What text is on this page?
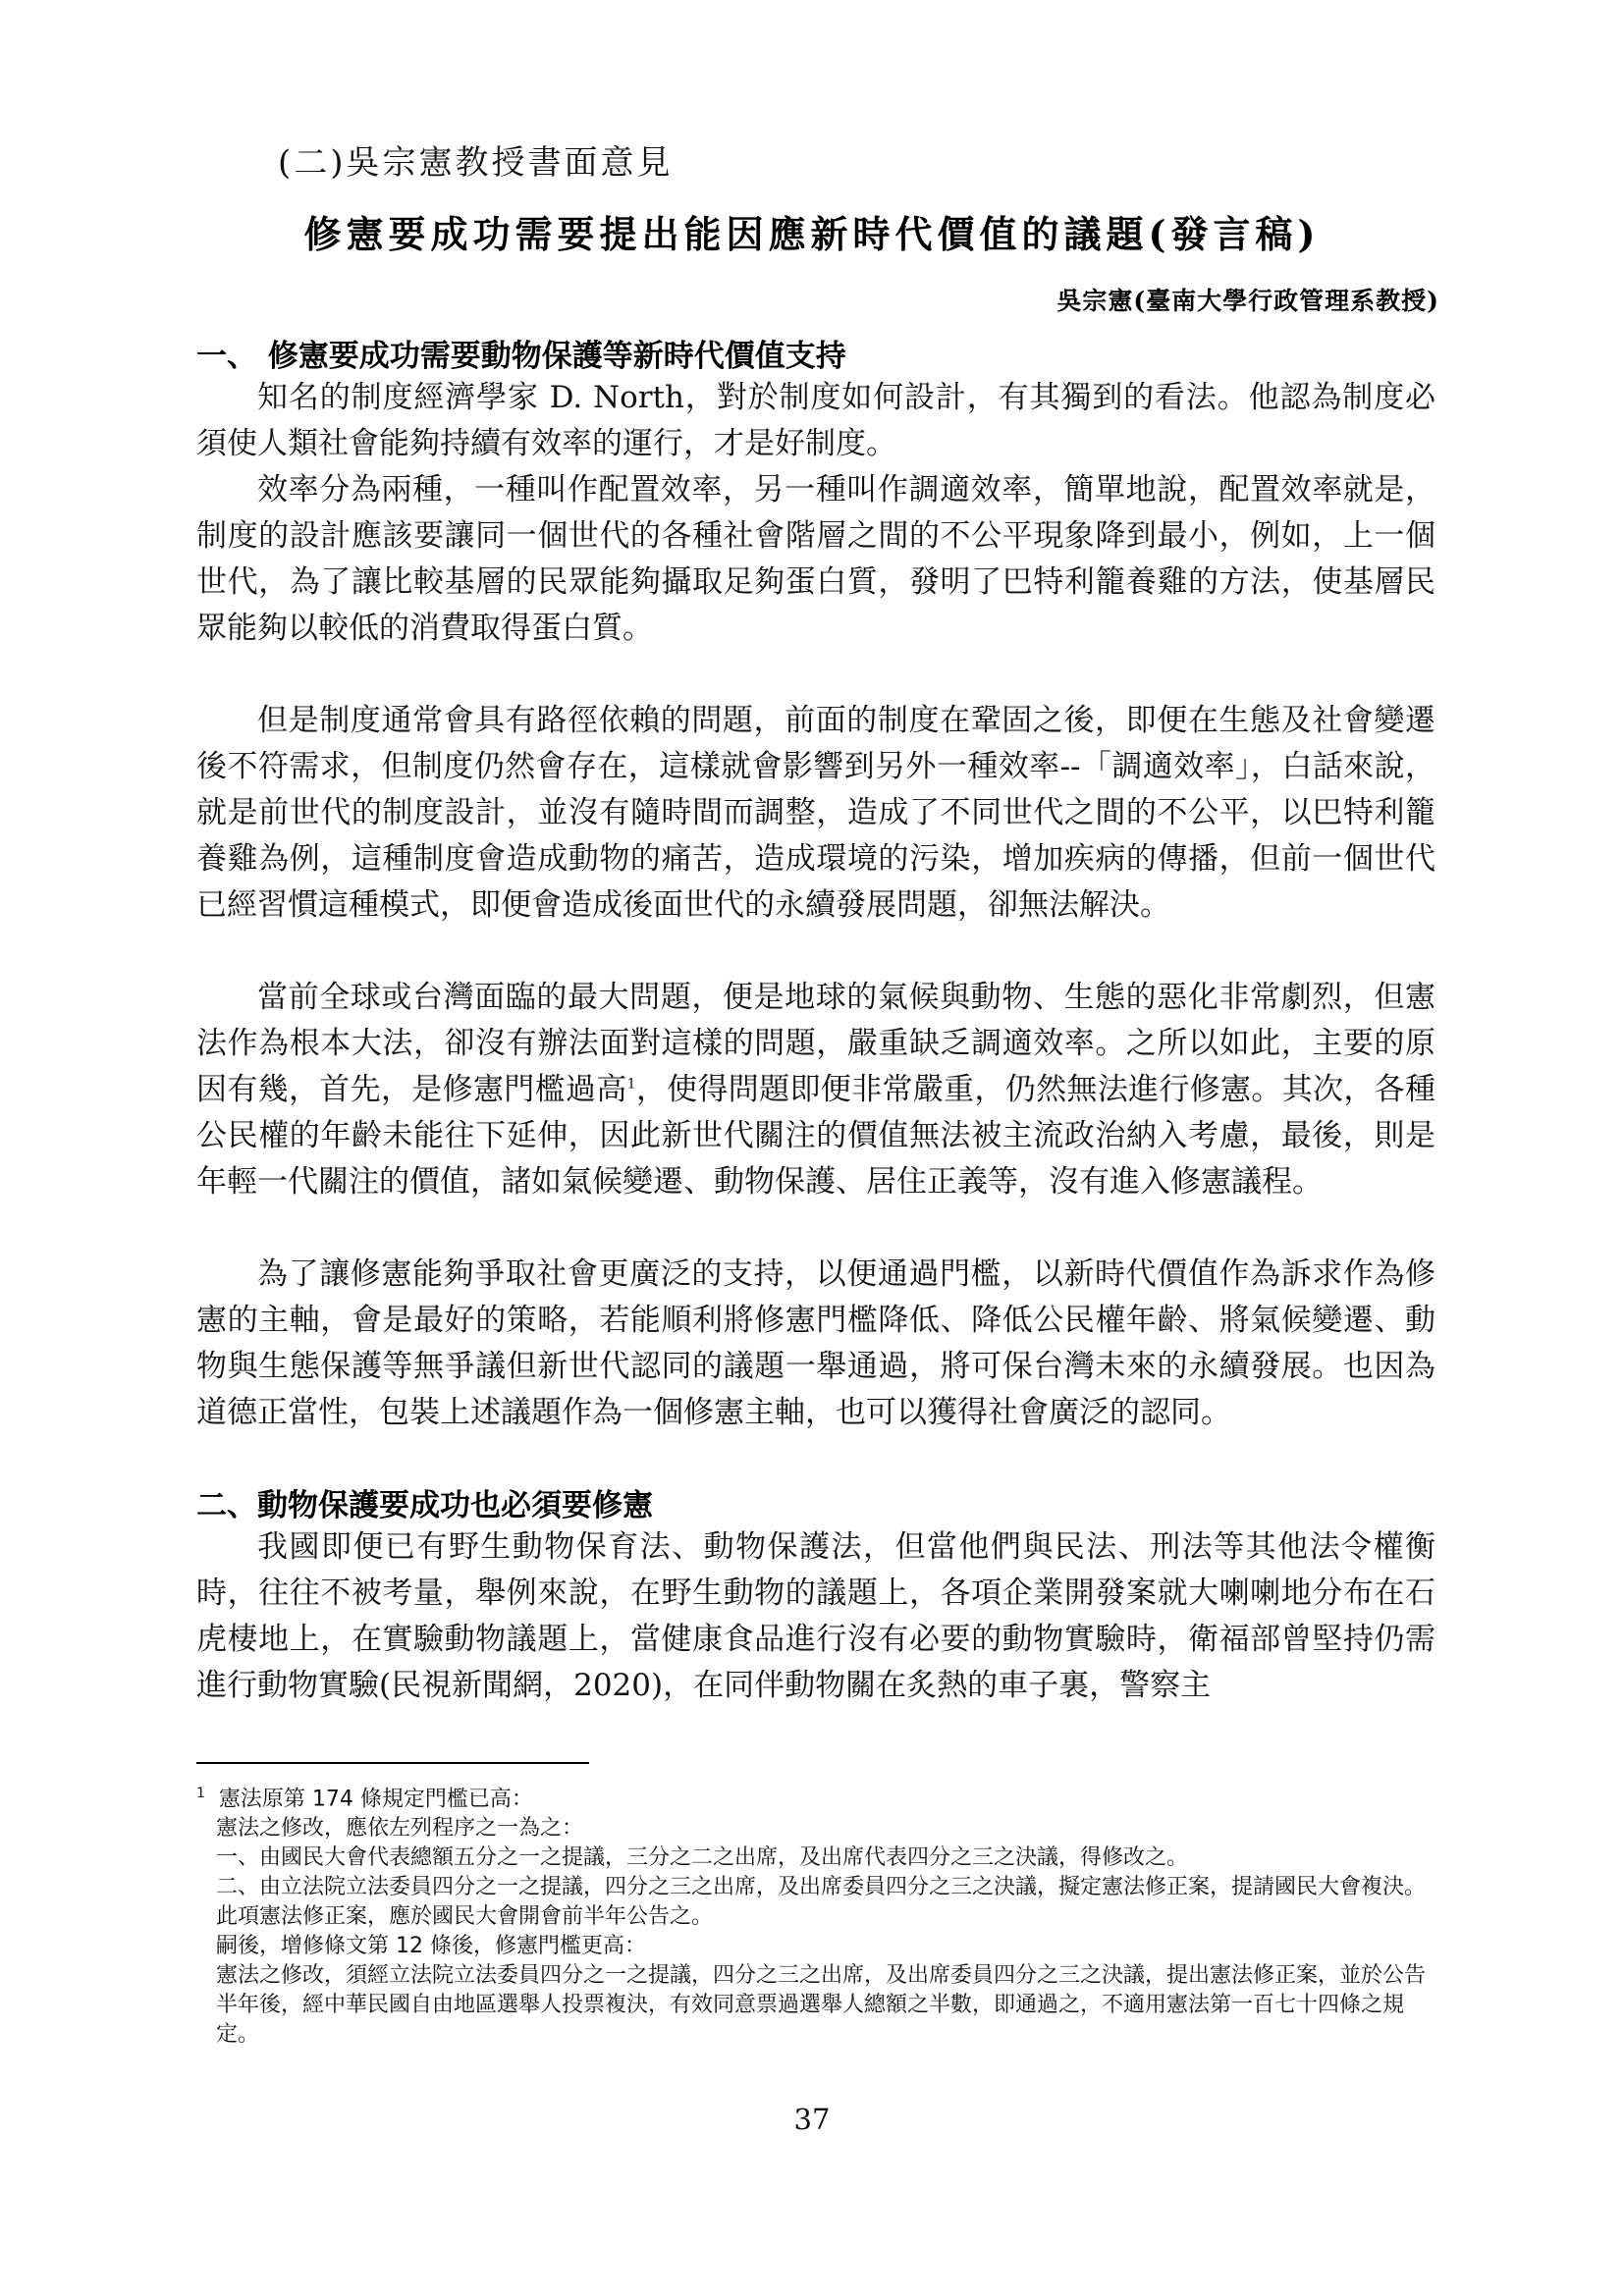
(二)吳宗憲教授書面意見
修憲要成功需要提出能因應新時代價值的議題(發言稿)
吳宗憲(臺南大學行政管理系教授)
一、 修憲要成功需要動物保護等新時代價值支持
知名的制度經濟學家 D. North，對於制度如何設計，有其獨到的看法。他認為制度必須使人類社會能夠持續有效率的運行，才是好制度。
效率分為兩種，一種叫作配置效率，另一種叫作調適效率，簡單地說，配置效率就是，制度的設計應該要讓同一個世代的各種社會階層之間的不公平現象降到最小，例如，上一個世代，為了讓比較基層的民眾能夠攝取足夠蛋白質，發明了巴特利籠養雞的方法，使基層民眾能夠以較低的消費取得蛋白質。
但是制度通常會具有路徑依賴的問題，前面的制度在鞏固之後，即便在生態及社會變遷後不符需求，但制度仍然會存在，這樣就會影響到另外一種效率--「調適效率」，白話來說，就是前世代的制度設計，並沒有隨時間而調整，造成了不同世代之間的不公平，以巴特利籠養雞為例，這種制度會造成動物的痛苦，造成環境的污染，增加疾病的傳播，但前一個世代已經習慣這種模式，即便會造成後面世代的永續發展問題，卻無法解決。
當前全球或台灣面臨的最大問題，便是地球的氣候與動物、生態的惡化非常劇烈，但憲法作為根本大法，卻沒有辦法面對這樣的問題，嚴重缺乏調適效率。之所以如此，主要的原因有幾，首先，是修憲門檻過高$^1$，使得問題即便非常嚴重，仍然無法進行修憲。其次，各種公民權的年齡未能往下延伸，因此新世代關注的價值無法被主流政治納入考慮，最後，則是年輕一代關注的價值，諸如氣候變遷、動物保護、居住正義等，沒有進入修憲議程。
為了讓修憲能夠爭取社會更廣泛的支持，以便通過門檻，以新時代價值作為訴求作為修憲的主軸，會是最好的策略，若能順利將修憲門檻降低、降低公民權年齡、將氣候變遷、動物與生態保護等無爭議但新世代認同的議題一舉通過，將可保台灣未來的永續發展。也因為道德正當性，包裝上述議題作為一個修憲主軸，也可以獲得社會廣泛的認同。
二、動物保護要成功也必須要修憲
我國即便已有野生動物保育法、動物保護法，但當他們與民法、刑法等其他法令權衡時，往往不被考量，舉例來說，在野生動物的議題上，各項企業開發案就大喇喇地分布在石虎棲地上，在實驗動物議題上，當健康食品進行沒有必要的動物實驗時，衛福部曾堅持仍需進行動物實驗(民視新聞網，2020)，在同伴動物關在炙熱的車子裏，警察主
$^1$ 憲法原第 174 條規定門檻已高：
憲法之修改，應依左列程序之一為之：
一、由國民大會代表總額五分之一之提議，三分之二之出席，及出席代表四分之三之決議，得修改之。
二、由立法院立法委員四分之一之提議，四分之三之出席，及出席委員四分之三之決議，擬定憲法修正案，提請國民大會複決。此項憲法修正案，應於國民大會開會前半年公告之。
嗣後，增修條文第 12 條後，修憲門檻更高：
憲法之修改，須經立法院立法委員四分之一之提議，四分之三之出席，及出席委員四分之三之決議，提出憲法修正案，並於公告半年後，經中華民國自由地區選舉人投票複決，有效同意票過選舉人總額之半數，即通過之，不適用憲法第一百七十四條之規定。
37
